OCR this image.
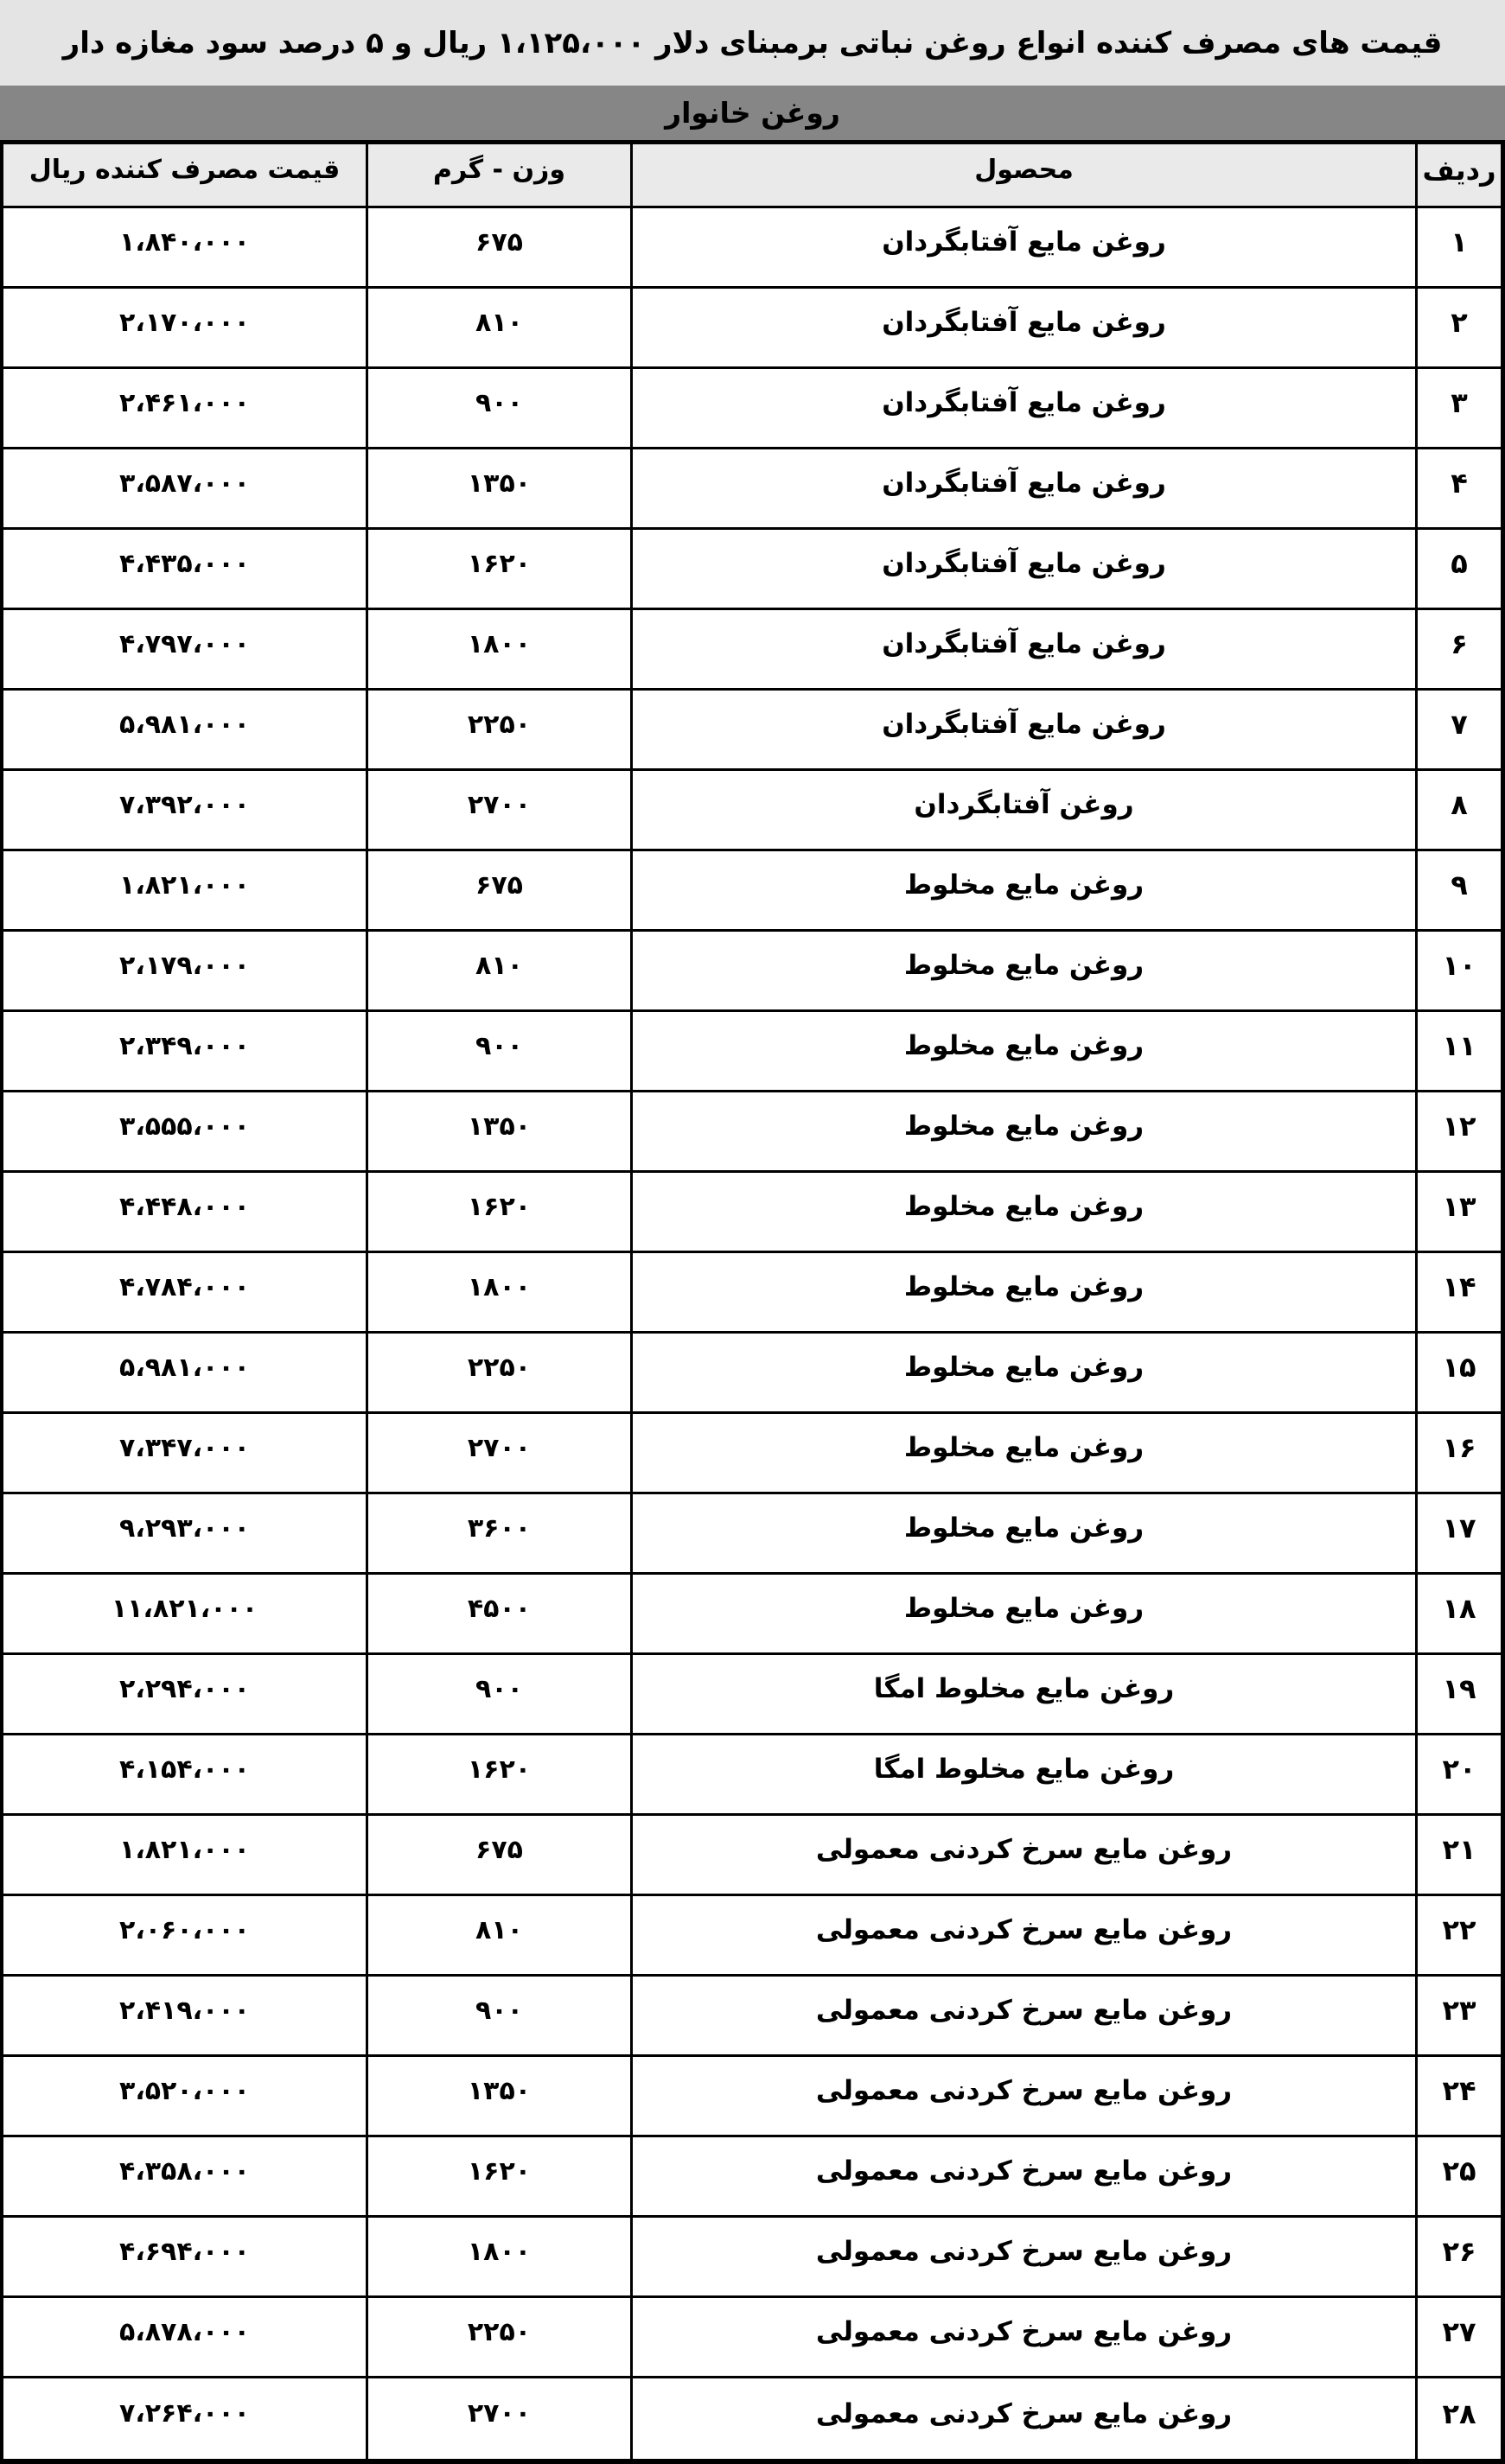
قیمت های مصرف کننده انواع روغن نباتی برمبنای دلار ۱،۱۲۵،۰۰۰ ریال و ۵ درصد سود مغازه دار
روغن خانوار
ردیف
محصول
وزن - گرم
قیمت مصرف کننده ریال
۱
روغن مایع آفتابگردان
۶۷۵
۱،۸۴۰،۰۰۰
۲
روغن مایع آفتابگردان
۸۱۰
۲،۱۷۰،۰۰۰
۳
روغن مایع آفتابگردان
۹۰۰
۲،۴۶۱،۰۰۰
۴
روغن مایع آفتابگردان
۱۳۵۰
۳،۵۸۷،۰۰۰
۵
روغن مایع آفتابگردان
۱۶۲۰
۴،۴۳۵،۰۰۰
۶
روغن مایع آفتابگردان
۱۸۰۰
۴،۷۹۷،۰۰۰
۷
روغن مایع آفتابگردان
۲۲۵۰
۵،۹۸۱،۰۰۰
۸
روغن آفتابگردان
۲۷۰۰
۷،۳۹۲،۰۰۰
۹
روغن مایع مخلوط
۶۷۵
۱،۸۲۱،۰۰۰
۱۰
روغن مایع مخلوط
۸۱۰
۲،۱۷۹،۰۰۰
۱۱
روغن مایع مخلوط
۹۰۰
۲،۳۴۹،۰۰۰
۱۲
روغن مایع مخلوط
۱۳۵۰
۳،۵۵۵،۰۰۰
۱۳
روغن مایع مخلوط
۱۶۲۰
۴،۴۴۸،۰۰۰
۱۴
روغن مایع مخلوط
۱۸۰۰
۴،۷۸۴،۰۰۰
۱۵
روغن مایع مخلوط
۲۲۵۰
۵،۹۸۱،۰۰۰
۱۶
روغن مایع مخلوط
۲۷۰۰
۷،۳۴۷،۰۰۰
۱۷
روغن مایع مخلوط
۳۶۰۰
۹،۲۹۳،۰۰۰
۱۸
روغن مایع مخلوط
۴۵۰۰
۱۱،۸۲۱،۰۰۰
۱۹
روغن مایع مخلوط امگا
۹۰۰
۲،۲۹۴،۰۰۰
۲۰
روغن مایع مخلوط امگا
۱۶۲۰
۴،۱۵۴،۰۰۰
۲۱
روغن مایع سرخ کردنی معمولی
۶۷۵
۱،۸۲۱،۰۰۰
۲۲
روغن مایع سرخ کردنی معمولی
۸۱۰
۲،۰۶۰،۰۰۰
۲۳
روغن مایع سرخ کردنی معمولی
۹۰۰
۲،۴۱۹،۰۰۰
۲۴
روغن مایع سرخ کردنی معمولی
۱۳۵۰
۳،۵۲۰،۰۰۰
۲۵
روغن مایع سرخ کردنی معمولی
۱۶۲۰
۴،۳۵۸،۰۰۰
۲۶
روغن مایع سرخ کردنی معمولی
۱۸۰۰
۴،۶۹۴،۰۰۰
۲۷
روغن مایع سرخ کردنی معمولی
۲۲۵۰
۵،۸۷۸،۰۰۰
۲۸
روغن مایع سرخ کردنی معمولی
۲۷۰۰
۷،۲۶۴،۰۰۰
